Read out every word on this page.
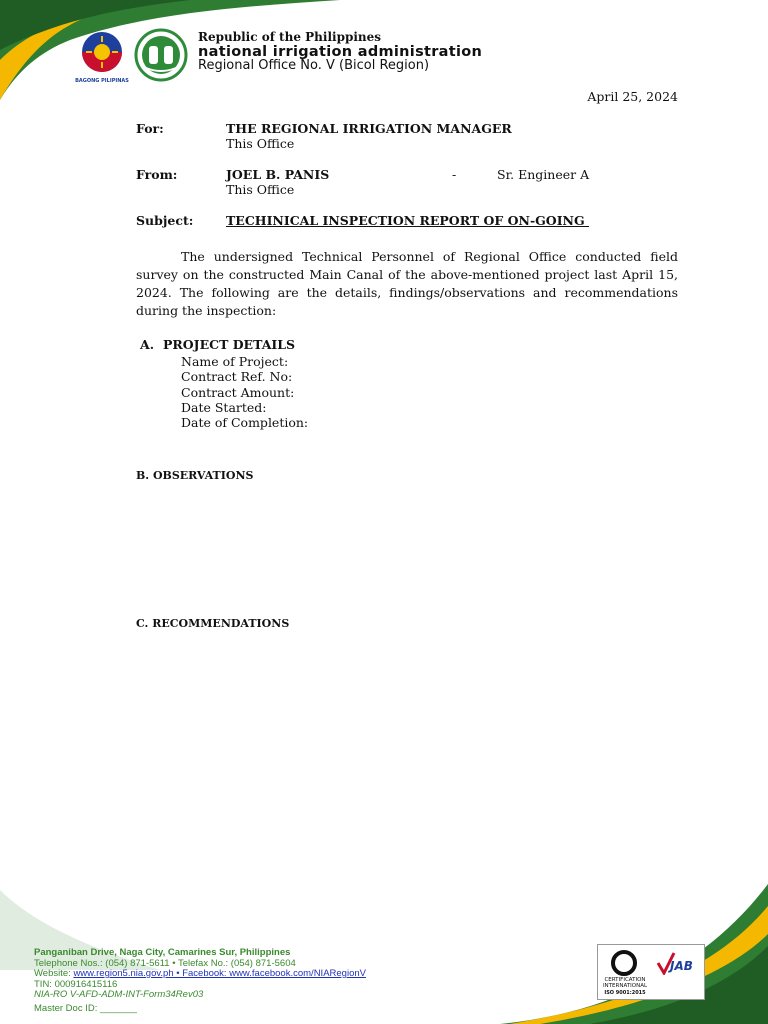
BAGONG PILIPINAS
Republic of the Philippines
national irrigation administration
Regional Office No. V (Bicol Region)
April 25, 2024
For:	THE REGIONAL IRRIGATION MANAGER
This Office
From:	JOEL B. PANIS	-	Sr. Engineer A
This Office
Subject:	TECHINICAL INSPECTION REPORT OF ON-GOING
The undersigned Technical Personnel of Regional Office conducted field survey on the constructed Main Canal of the above-mentioned project last April 15, 2024. The following are the details, findings/observations and recommendations during the inspection:
A. PROJECT DETAILS
Name of Project:
Contract Ref. No:
Contract Amount:
Date Started:
Date of Completion:
B. OBSERVATIONS
C. RECOMMENDATIONS
Panganiban Drive, Naga City, Camarines Sur, Philippines
Telephone Nos.: (054) 871-5611 • Telefax No.: (054) 871-5604
Website: www.region5.nia.gov.ph • Facebook: www.facebook.com/NIARegionV
TIN: 000916415116
NIA-RO V-AFD-ADM-INT-Form34Rev03
Master Doc ID: _______
CERTIFICATION
INTERNATIONAL
ISO 9001:2015
JAB
